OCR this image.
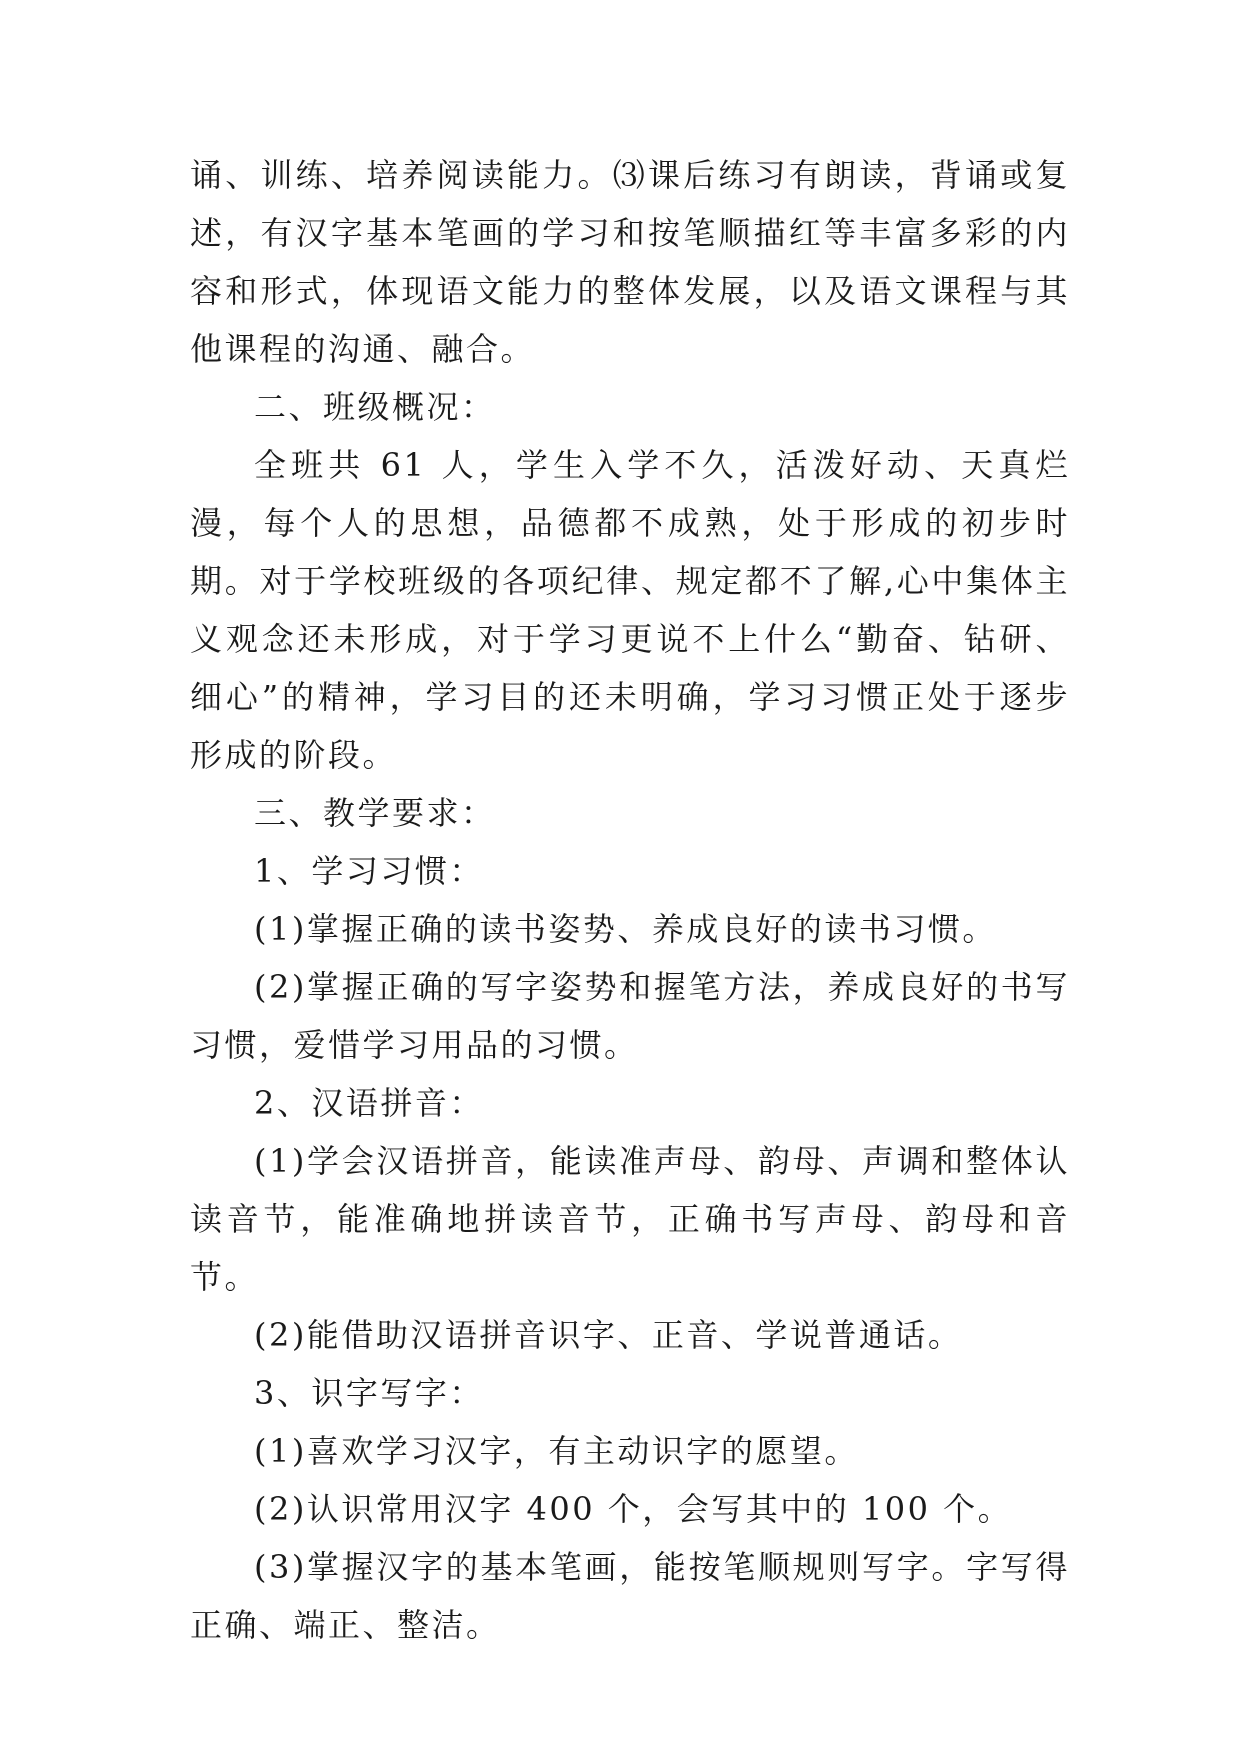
诵、训练、培养阅读能力。⑶课后练习有朗读，背诵或复述，有汉字基本笔画的学习和按笔顺描红等丰富多彩的内容和形式，体现语文能力的整体发展，以及语文课程与其他课程的沟通、融合。

二、班级概况：

全班共 61 人，学生入学不久，活泼好动、天真烂漫，每个人的思想，品德都不成熟，处于形成的初步时期。对于学校班级的各项纪律、规定都不了解,心中集体主义观念还未形成，对于学习更说不上什么“勤奋、钻研、细心”的精神，学习目的还未明确，学习习惯正处于逐步形成的阶段。

三、教学要求：

1、学习习惯：

(1)掌握正确的读书姿势、养成良好的读书习惯。

(2)掌握正确的写字姿势和握笔方法，养成良好的书写习惯，爱惜学习用品的习惯。

2、汉语拼音：

(1)学会汉语拼音，能读准声母、韵母、声调和整体认读音节，能准确地拼读音节，正确书写声母、韵母和音节。

(2)能借助汉语拼音识字、正音、学说普通话。

3、识字写字：

(1)喜欢学习汉字，有主动识字的愿望。

(2)认识常用汉字 400 个，会写其中的 100 个。

(3)掌握汉字的基本笔画，能按笔顺规则写字。字写得正确、端正、整洁。
